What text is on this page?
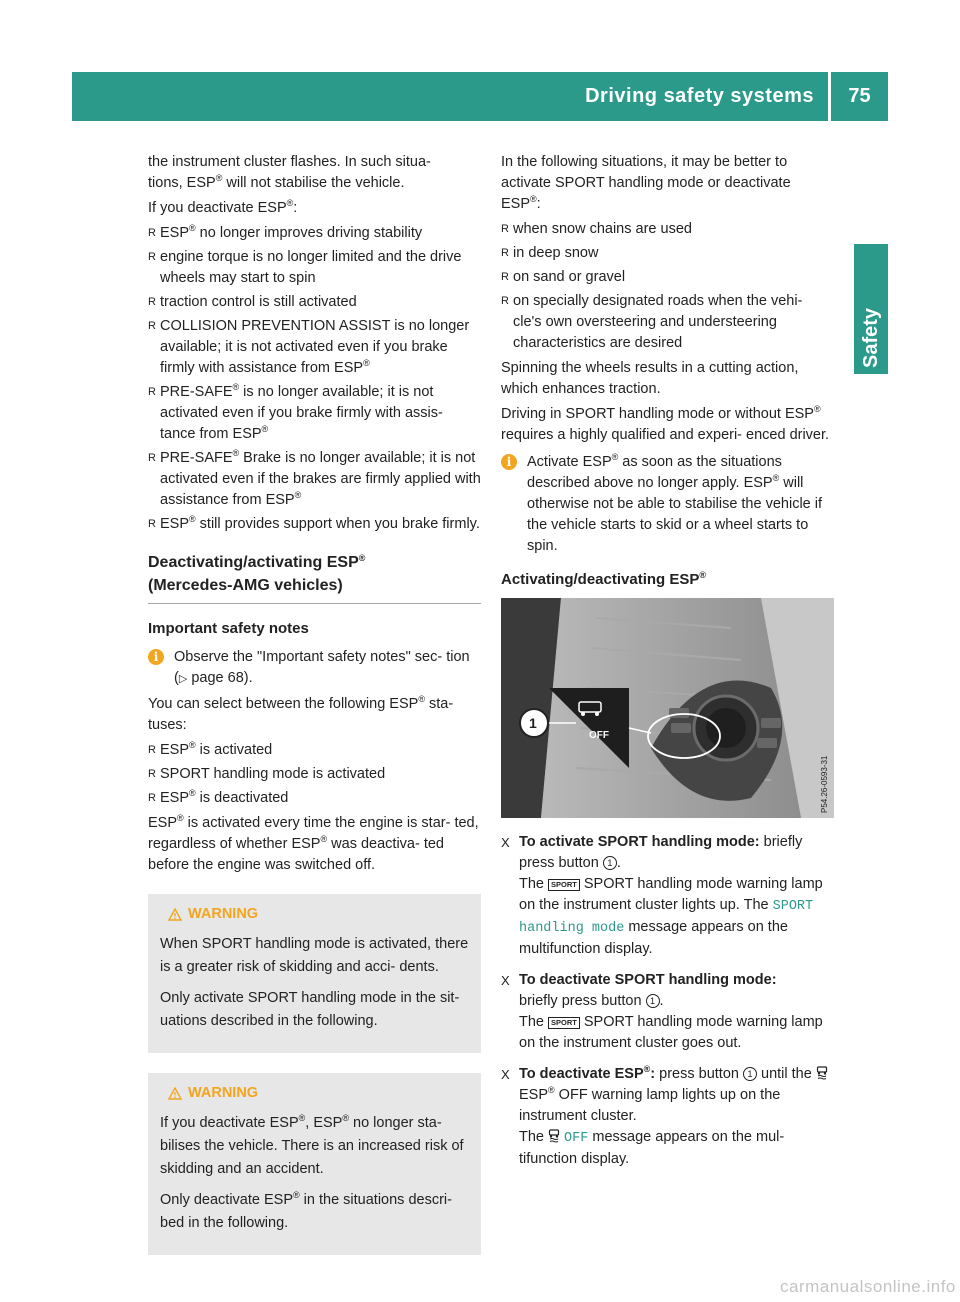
Driving safety systems	75
Safety

the instrument cluster flashes. In such situa-
tions, ESP® will not stabilise the vehicle.

If you deactivate ESP®:

R ESP® no longer improves driving stability
R engine torque is no longer limited and the drive wheels may start to spin
R traction control is still activated
R COLLISION PREVENTION ASSIST is no longer available; it is not activated even if you brake firmly with assistance from ESP®
R PRE-SAFE® is no longer available; it is not activated even if you brake firmly with assis- tance from ESP®
R PRE-SAFE® Brake is no longer available; it is not activated even if the brakes are firmly applied with assistance from ESP®
R ESP® still provides support when you brake firmly.
Deactivating/activating ESP®
(Mercedes-AMG vehicles)
Important safety notes
i	Observe the "Important safety notes" sec- tion (▷ page 68).

You can select between the following ESP® sta- tuses:

R ESP® is activated
R SPORT handling mode is activated
R ESP® is deactivated

ESP® is activated every time the engine is star- ted, regardless of whether ESP® was deactiva- ted before the engine was switched off.

WARNING

When SPORT handling mode is activated, there is a greater risk of skidding and acci- dents.

Only activate SPORT handling mode in the sit- uations described in the following.

WARNING

If you deactivate ESP®, ESP® no longer sta- bilises the vehicle. There is an increased risk of skidding and an accident.

Only deactivate ESP® in the situations descri- bed in the following.

In the following situations, it may be better to activate SPORT handling mode or deactivate ESP®:

R when snow chains are used
R in deep snow
R on sand or gravel
R on specially designated roads when the vehi- cle's own oversteering and understeering characteristics are desired

Spinning the wheels results in a cutting action, which enhances traction.

Driving in SPORT handling mode or without ESP® requires a highly qualified and experi- enced driver.

i	Activate ESP® as soon as the situations described above no longer apply. ESP® will otherwise not be able to stabilise the vehicle if the vehicle starts to skid or a wheel starts to spin.
Activating/deactivating ESP®
OFF
1
P54.26-0593-31
X To activate SPORT handling mode: briefly press button 1 .
The SPORT SPORT handling mode warning lamp on the instrument cluster lights up. The SPORT handling mode message appears on the multifunction display.
X To deactivate SPORT handling mode:
briefly press button 1 .
The SPORT SPORT handling mode warning lamp on the instrument cluster goes out.
X To deactivate ESP®: press button 1 until the  ESP® OFF warning lamp lights up on the instrument cluster.
The  OFF message appears on the mul- tifunction display.
carmanualsonline.info
